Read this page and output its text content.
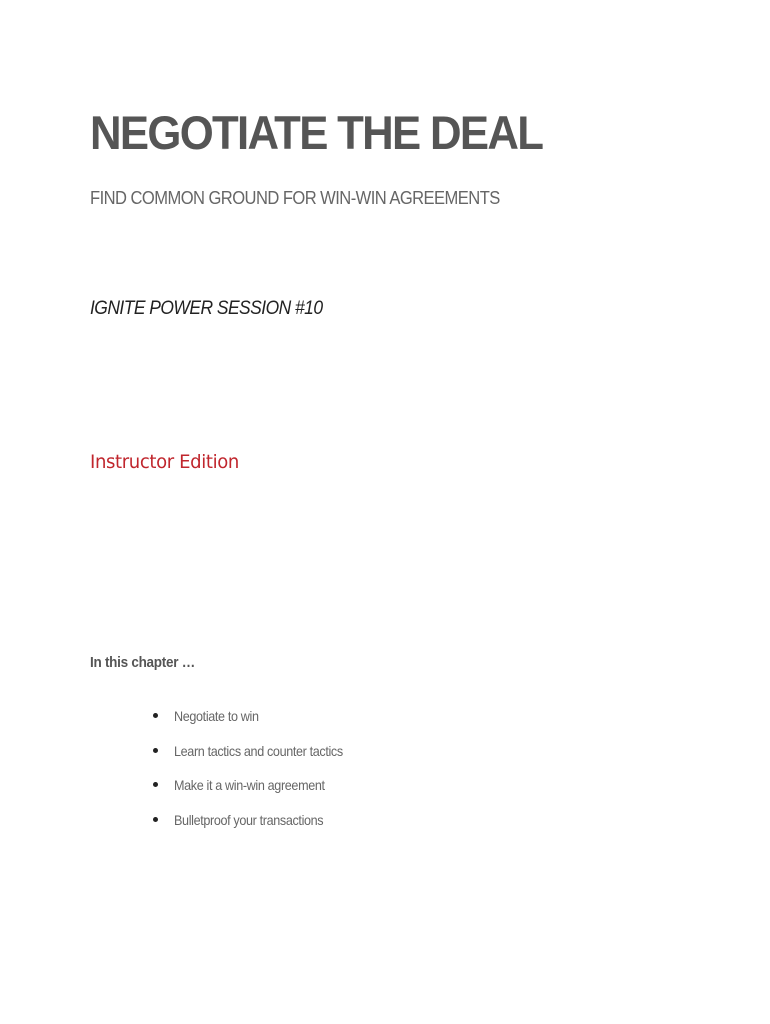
NEGOTIATE THE DEAL

FIND COMMON GROUND FOR WIN-WIN AGREEMENTS

IGNITE POWER SESSION #10

Instructor Edition

In this chapter …

Negotiate to win
Learn tactics and counter tactics
Make it a win-win agreement
Bulletproof your transactions
